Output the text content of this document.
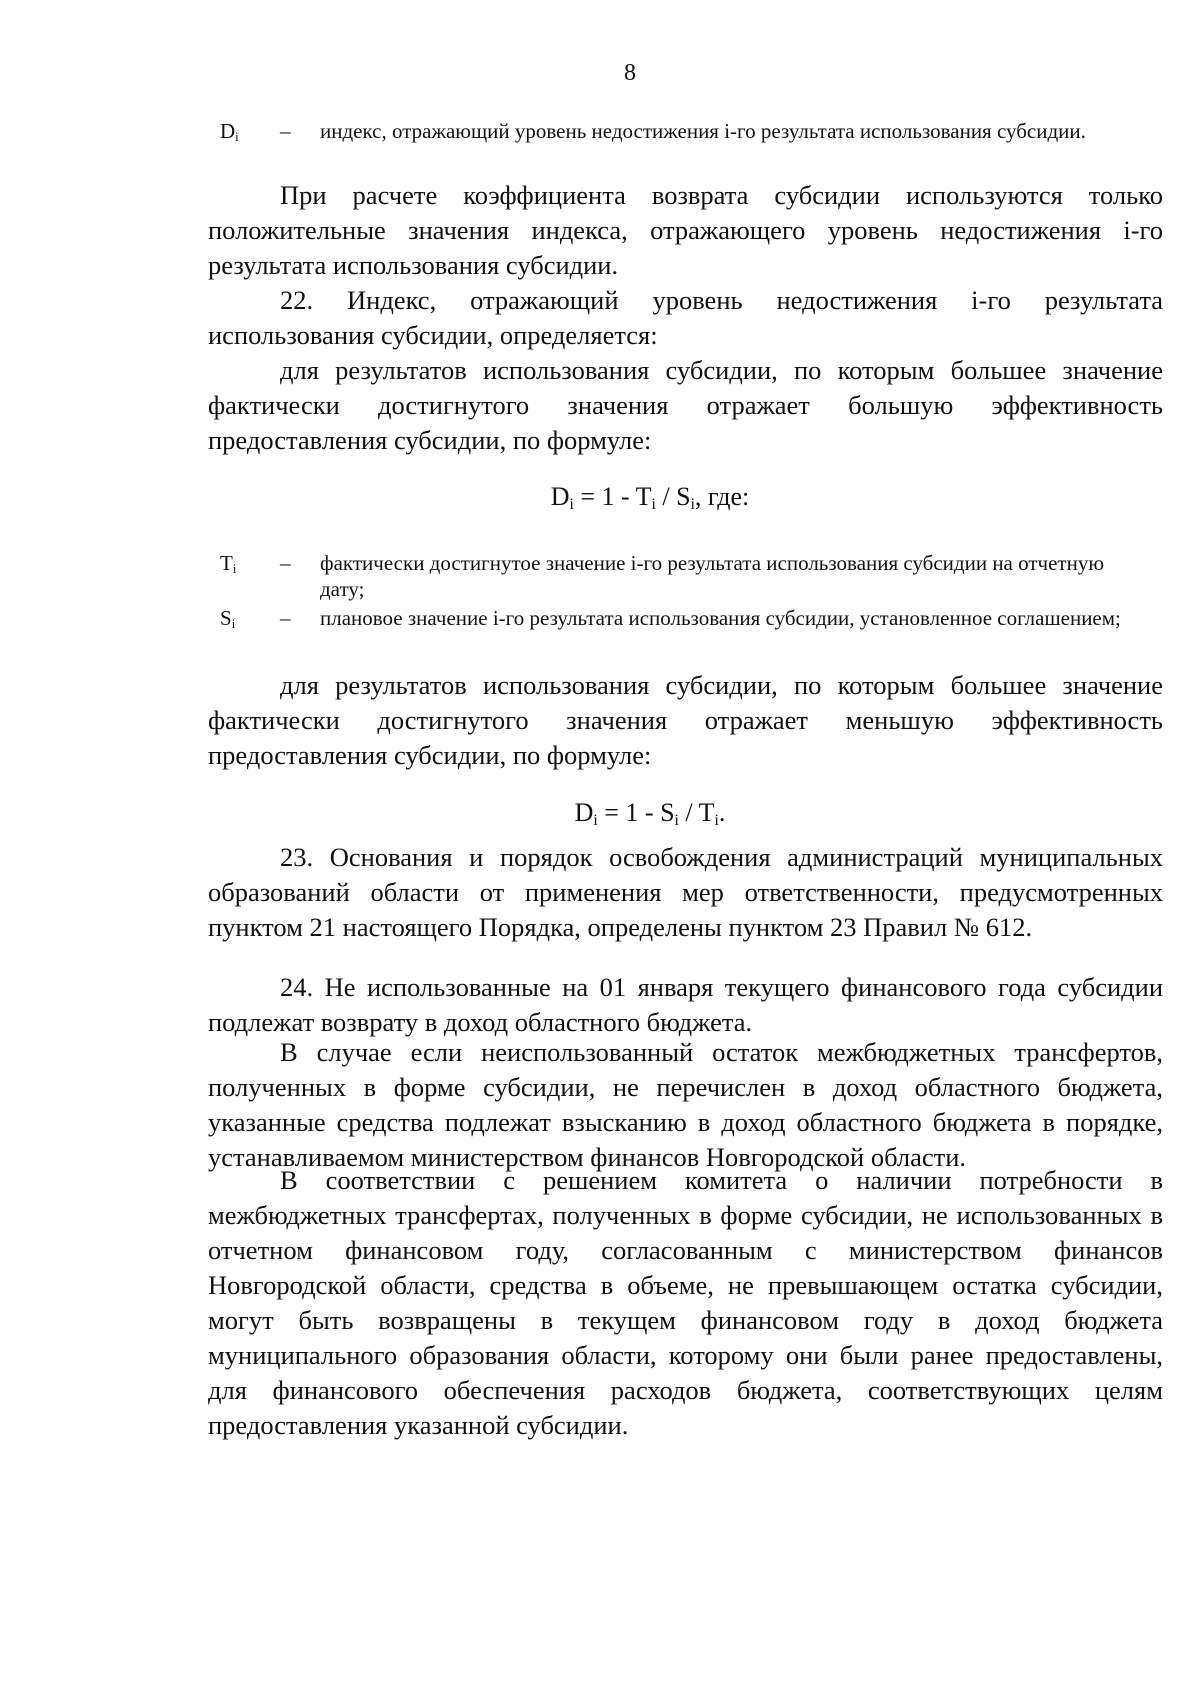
8
$D_i$	– индекс, отражающий уровень недостижения i-го результата использования субсидии.
При расчете коэффициента возврата субсидии используются только положительные значения индекса, отражающего уровень недостижения i-го результата использования субсидии.
22. Индекс, отражающий уровень недостижения i-го результата использования субсидии, определяется:
для результатов использования субсидии, по которым большее значение фактически достигнутого значения отражает большую эффективность предоставления субсидии, по формуле:
$D_i = 1 - T_i / S_i$, где:
$T_i$	– фактически достигнутое значение i-го результата использования субсидии на отчетную дату;
$S_i$	– плановое значение i-го результата использования субсидии, установленное соглашением;
для результатов использования субсидии, по которым большее значение фактически достигнутого значения отражает меньшую эффективность предоставления субсидии, по формуле:
$D_i = 1 - S_i / T_i$.
23. Основания и порядок освобождения администраций муниципальных образований области от применения мер ответственности, предусмотренных пунктом 21 настоящего Порядка, определены пунктом 23 Правил № 612.
24. Не использованные на 01 января текущего финансового года субсидии подлежат возврату в доход областного бюджета.
В случае если неиспользованный остаток межбюджетных трансфертов, полученных в форме субсидии, не перечислен в доход областного бюджета, указанные средства подлежат взысканию в доход областного бюджета в порядке, устанавливаемом министерством финансов Новгородской области.
В соответствии с решением комитета о наличии потребности в межбюджетных трансфертах, полученных в форме субсидии, не использованных в отчетном финансовом году, согласованным с министерством финансов Новгородской области, средства в объеме, не превышающем остатка субсидии, могут быть возвращены в текущем финансовом году в доход бюджета муниципального образования области, которому они были ранее предоставлены, для финансового обеспечения расходов бюджета, соответствующих целям предоставления указанной субсидии.
